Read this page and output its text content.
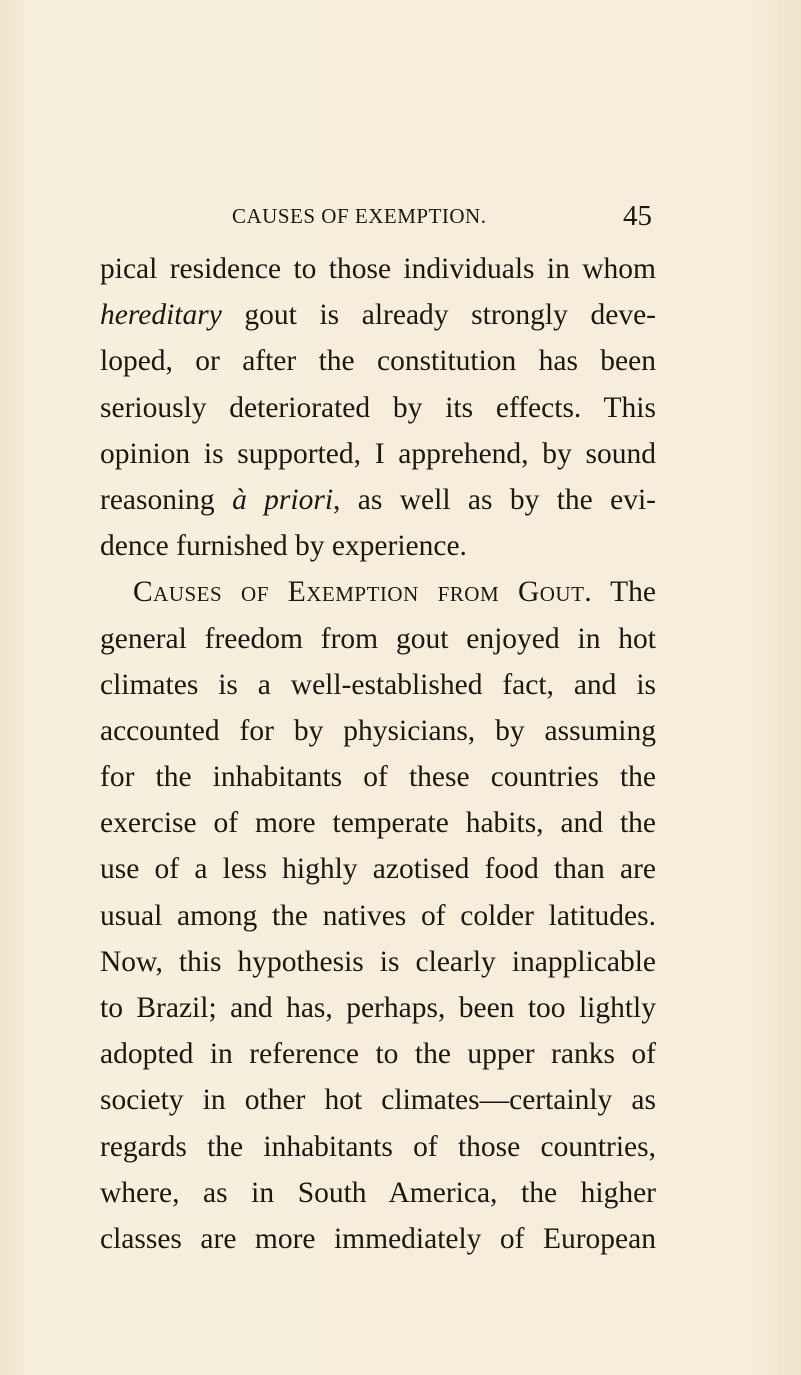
CAUSES OF EXEMPTION.	45
pical residence to those individuals in whom
hereditary gout is already strongly deve-
loped, or after the constitution has been
seriously deteriorated by its effects. This
opinion is supported, I apprehend, by sound
reasoning à priori, as well as by the evi-
dence furnished by experience.
Causes of Exemption from Gout. The
general freedom from gout enjoyed in hot
climates is a well-established fact, and is
accounted for by physicians, by assuming
for the inhabitants of these countries the
exercise of more temperate habits, and the
use of a less highly azotised food than are
usual among the natives of colder latitudes.
Now, this hypothesis is clearly inapplicable
to Brazil; and has, perhaps, been too lightly
adopted in reference to the upper ranks of
society in other hot climates—certainly as
regards the inhabitants of those countries,
where, as in South America, the higher
classes are more immediately of European
